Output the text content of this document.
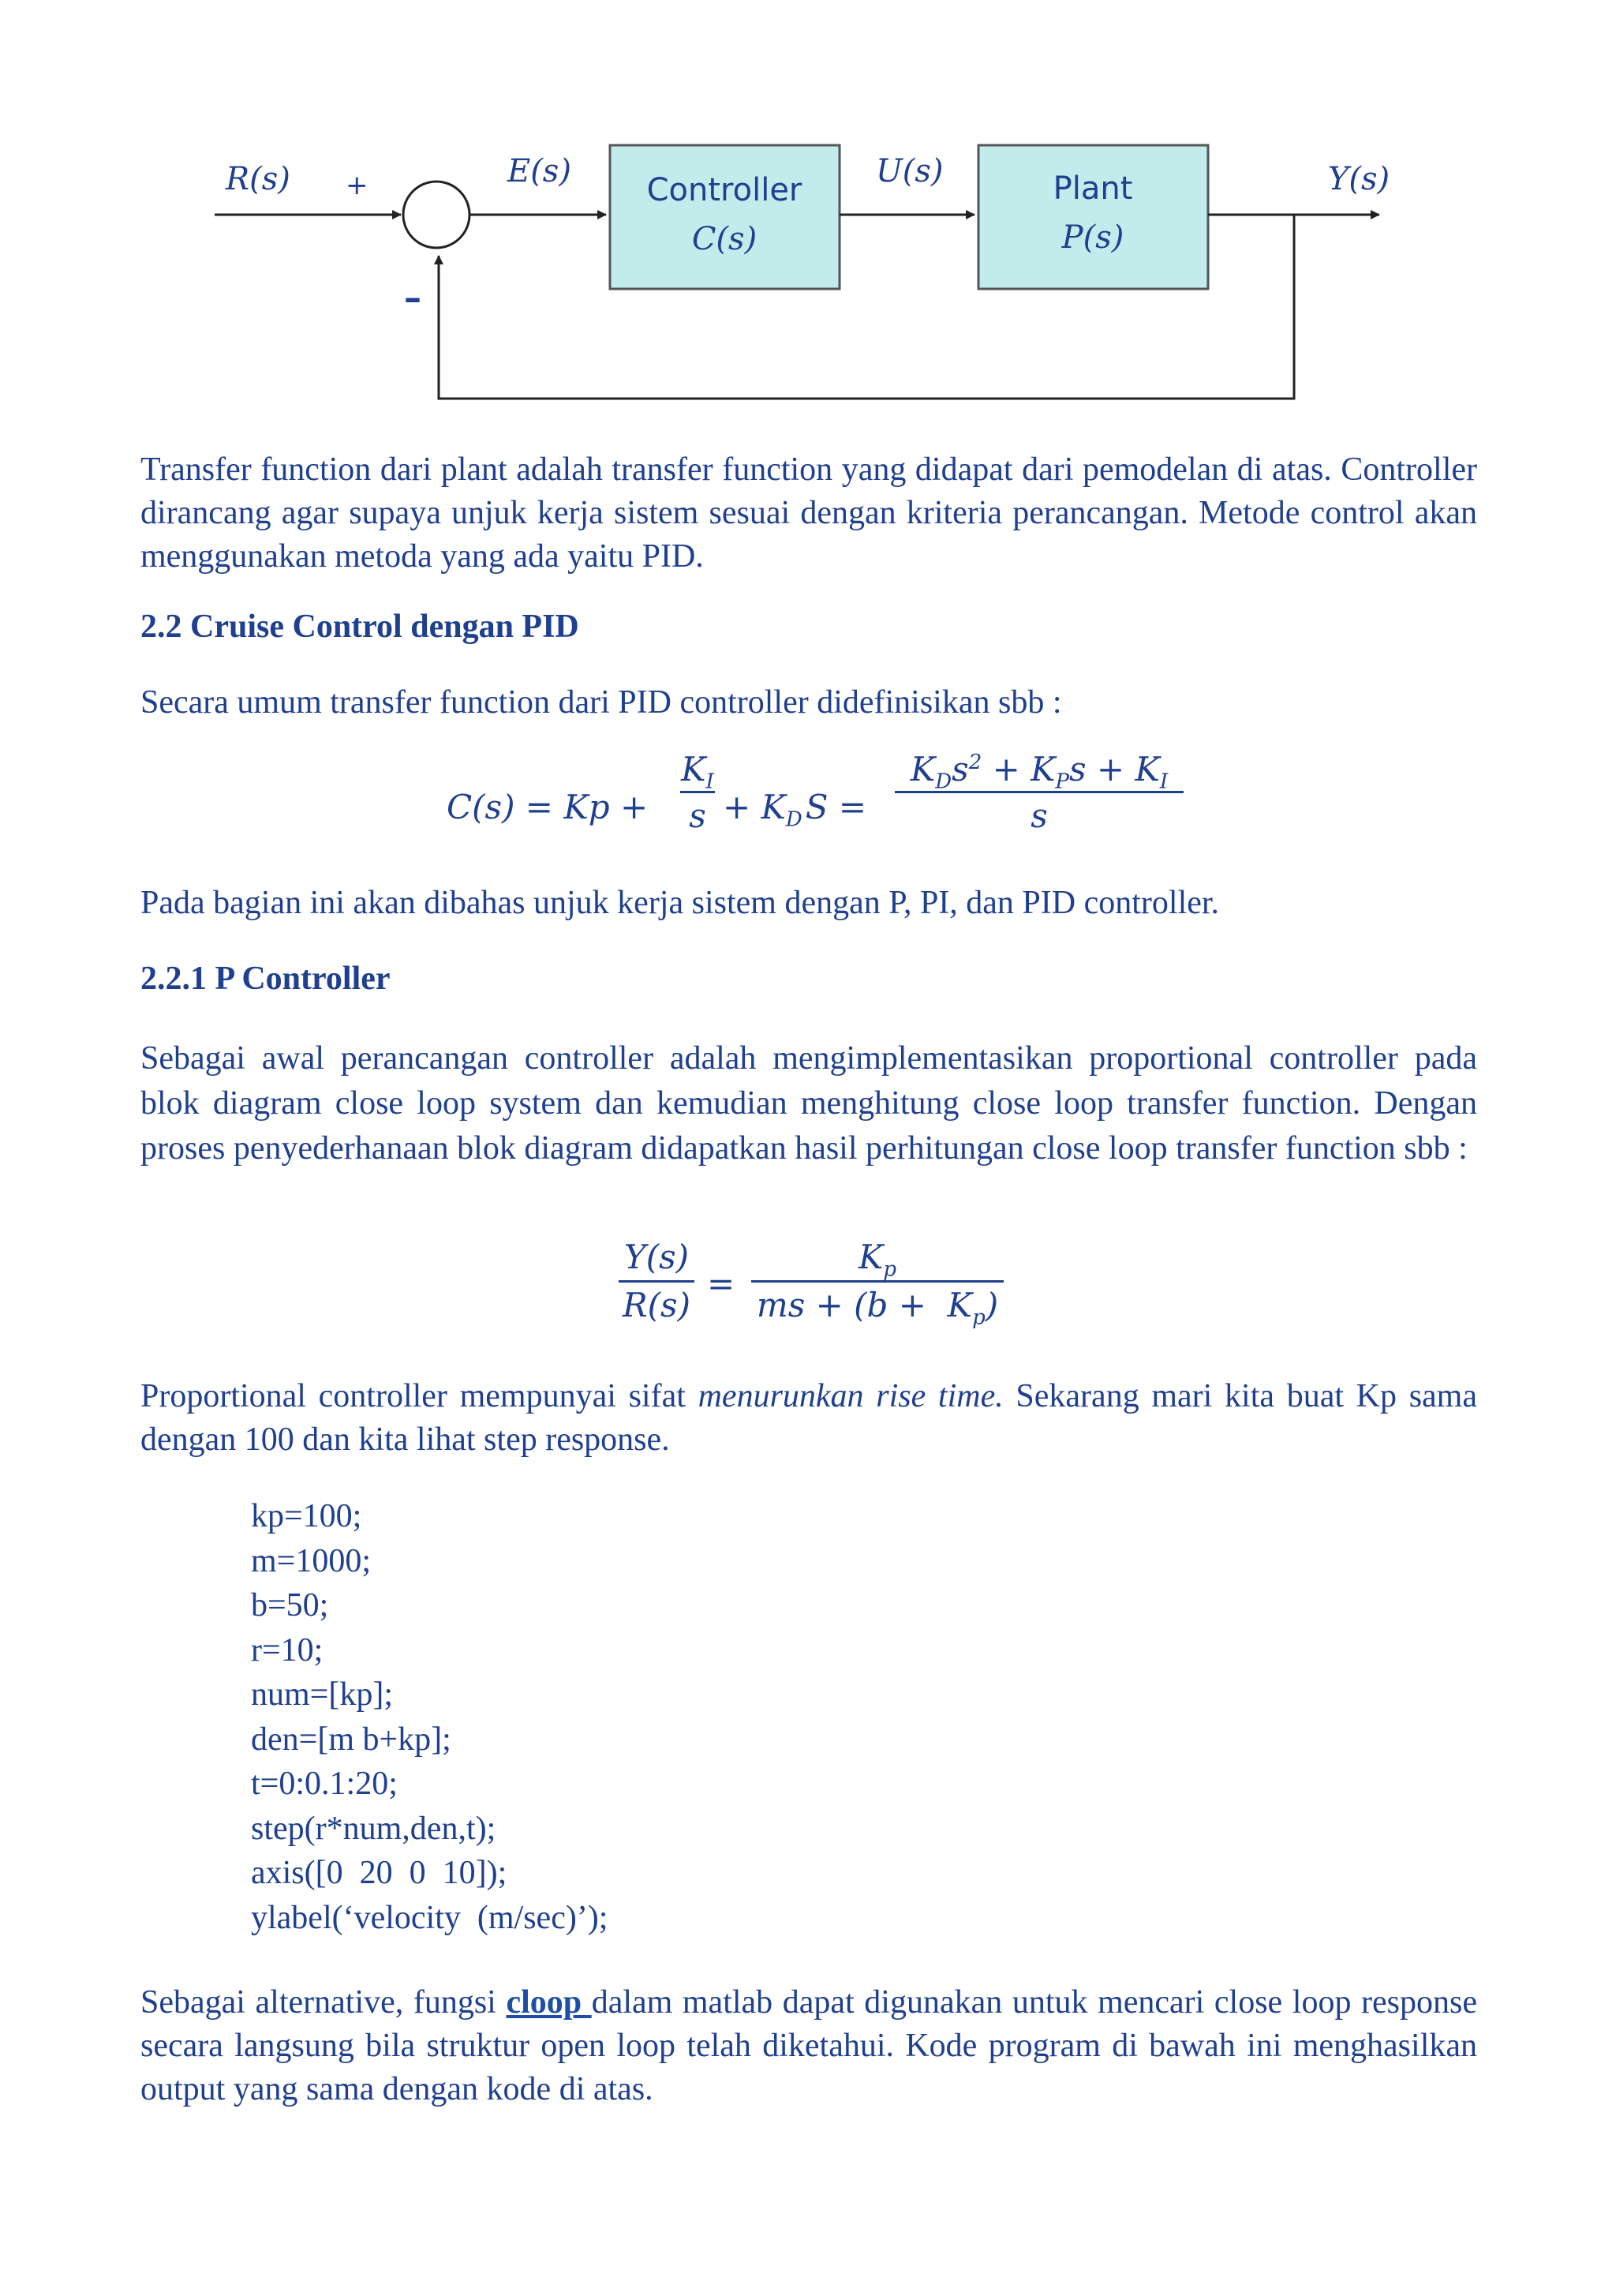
R(s) +
–
E(s)
Controller
C(s)
U(s)	Plant
P(s)
Y(s)

Transfer function dari plant adalah transfer function yang didapat dari pemodelan di atas. Controller dirancang agar supaya unjuk kerja sistem sesuai dengan kriteria perancangan. Metode control akan menggunakan metoda yang ada yaitu PID.

2.2 Cruise Control dengan PID

Secara umum transfer function dari PID controller didefinisikan sbb :

C(s) = Kp +
$K_I$
$s + K_DS$ =
$K_Ds^2 + K_Ps + K_I$
s

Pada bagian ini akan dibahas unjuk kerja sistem dengan P, PI, dan PID controller.

2.2.1 P Controller

Sebagai awal perancangan controller adalah mengimplementasikan proportional controller pada blok diagram close loop system dan kemudian menghitung close loop transfer function. Dengan proses penyederhanaan blok diagram didapatkan hasil perhitungan close loop transfer function sbb :

Y(s)
R(s)
=
$K_p$
ms + $(b + K_p)$

Proportional controller mempunyai sifat menurunkan rise time. Sekarang mari kita buat Kp sama dengan 100 dan kita lihat step response.

kp=100;
m=1000;
b=50;
r=10;
num=[kp];
den=[m b+kp];
t=0:0.1:20;
step(r*num,den,t);
axis([0  20  0  10]);
ylabel(‘velocity  (m/sec)’);

Sebagai alternative, fungsi cloop dalam matlab dapat digunakan untuk mencari close loop response secara langsung bila struktur open loop telah diketahui. Kode program di bawah ini menghasilkan output yang sama dengan kode di atas.
